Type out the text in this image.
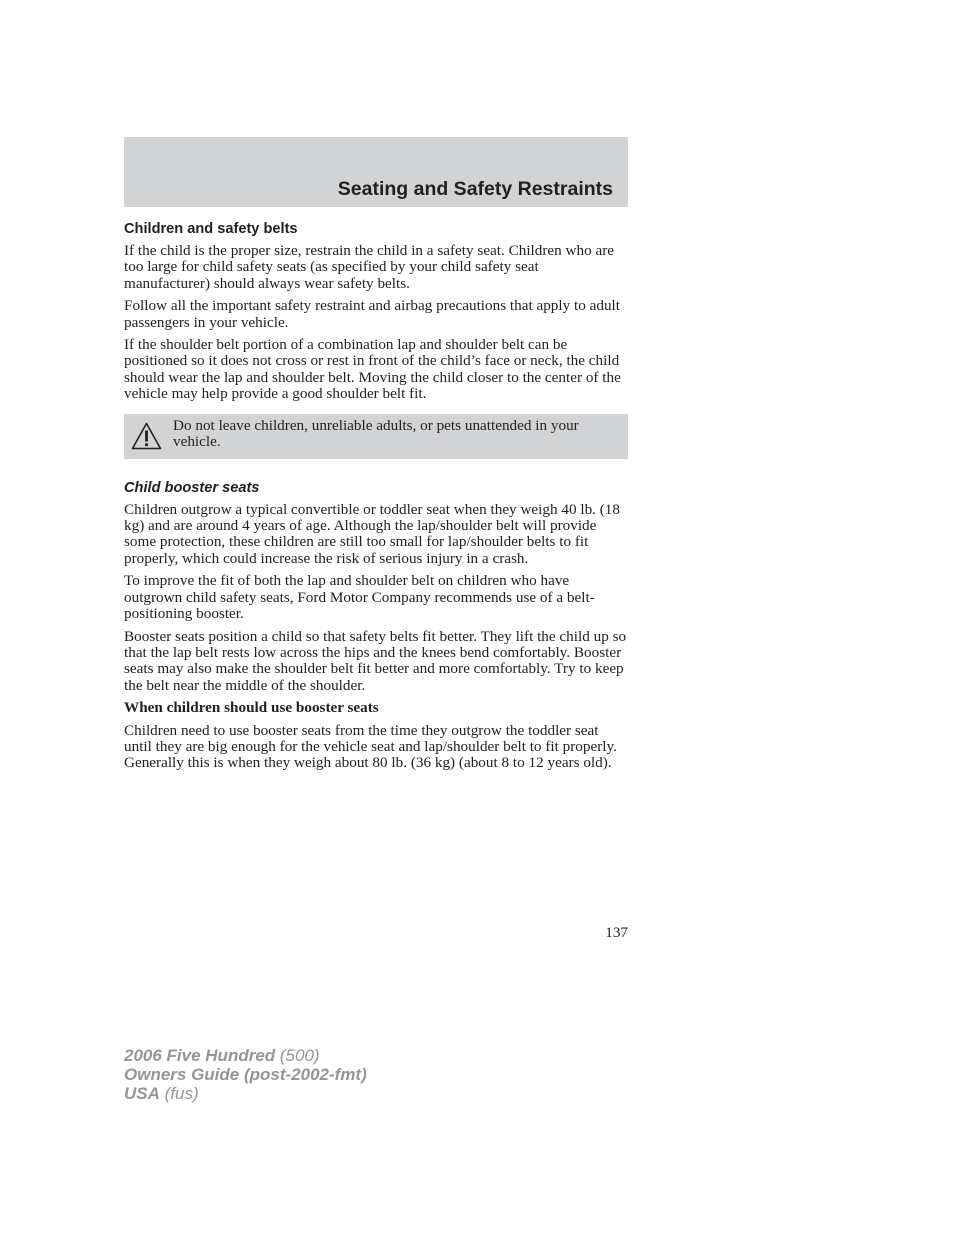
Seating and Safety Restraints
Children and safety belts

If the child is the proper size, restrain the child in a safety seat. Children who are too large for child safety seats (as specified by your child safety seat manufacturer) should always wear safety belts.

Follow all the important safety restraint and airbag precautions that apply to adult passengers in your vehicle.

If the shoulder belt portion of a combination lap and shoulder belt can be positioned so it does not cross or rest in front of the child’s face or neck, the child should wear the lap and shoulder belt. Moving the child closer to the center of the vehicle may help provide a good shoulder belt fit.

Do not leave children, unreliable adults, or pets unattended in your vehicle.

Child booster seats

Children outgrow a typical convertible or toddler seat when they weigh 40 lb. (18 kg) and are around 4 years of age. Although the lap/shoulder belt will provide some protection, these children are still too small for lap/shoulder belts to fit properly, which could increase the risk of serious injury in a crash.

To improve the fit of both the lap and shoulder belt on children who have outgrown child safety seats, Ford Motor Company recommends use of a belt-positioning booster.

Booster seats position a child so that safety belts fit better. They lift the child up so that the lap belt rests low across the hips and the knees bend comfortably. Booster seats may also make the shoulder belt fit better and more comfortably. Try to keep the belt near the middle of the shoulder.

When children should use booster seats

Children need to use booster seats from the time they outgrow the toddler seat until they are big enough for the vehicle seat and lap/shoulder belt to fit properly. Generally this is when they weigh about 80 lb. (36 kg) (about 8 to 12 years old).

137

2006 Five Hundred (500)
Owners Guide (post-2002-fmt)
USA (fus)
